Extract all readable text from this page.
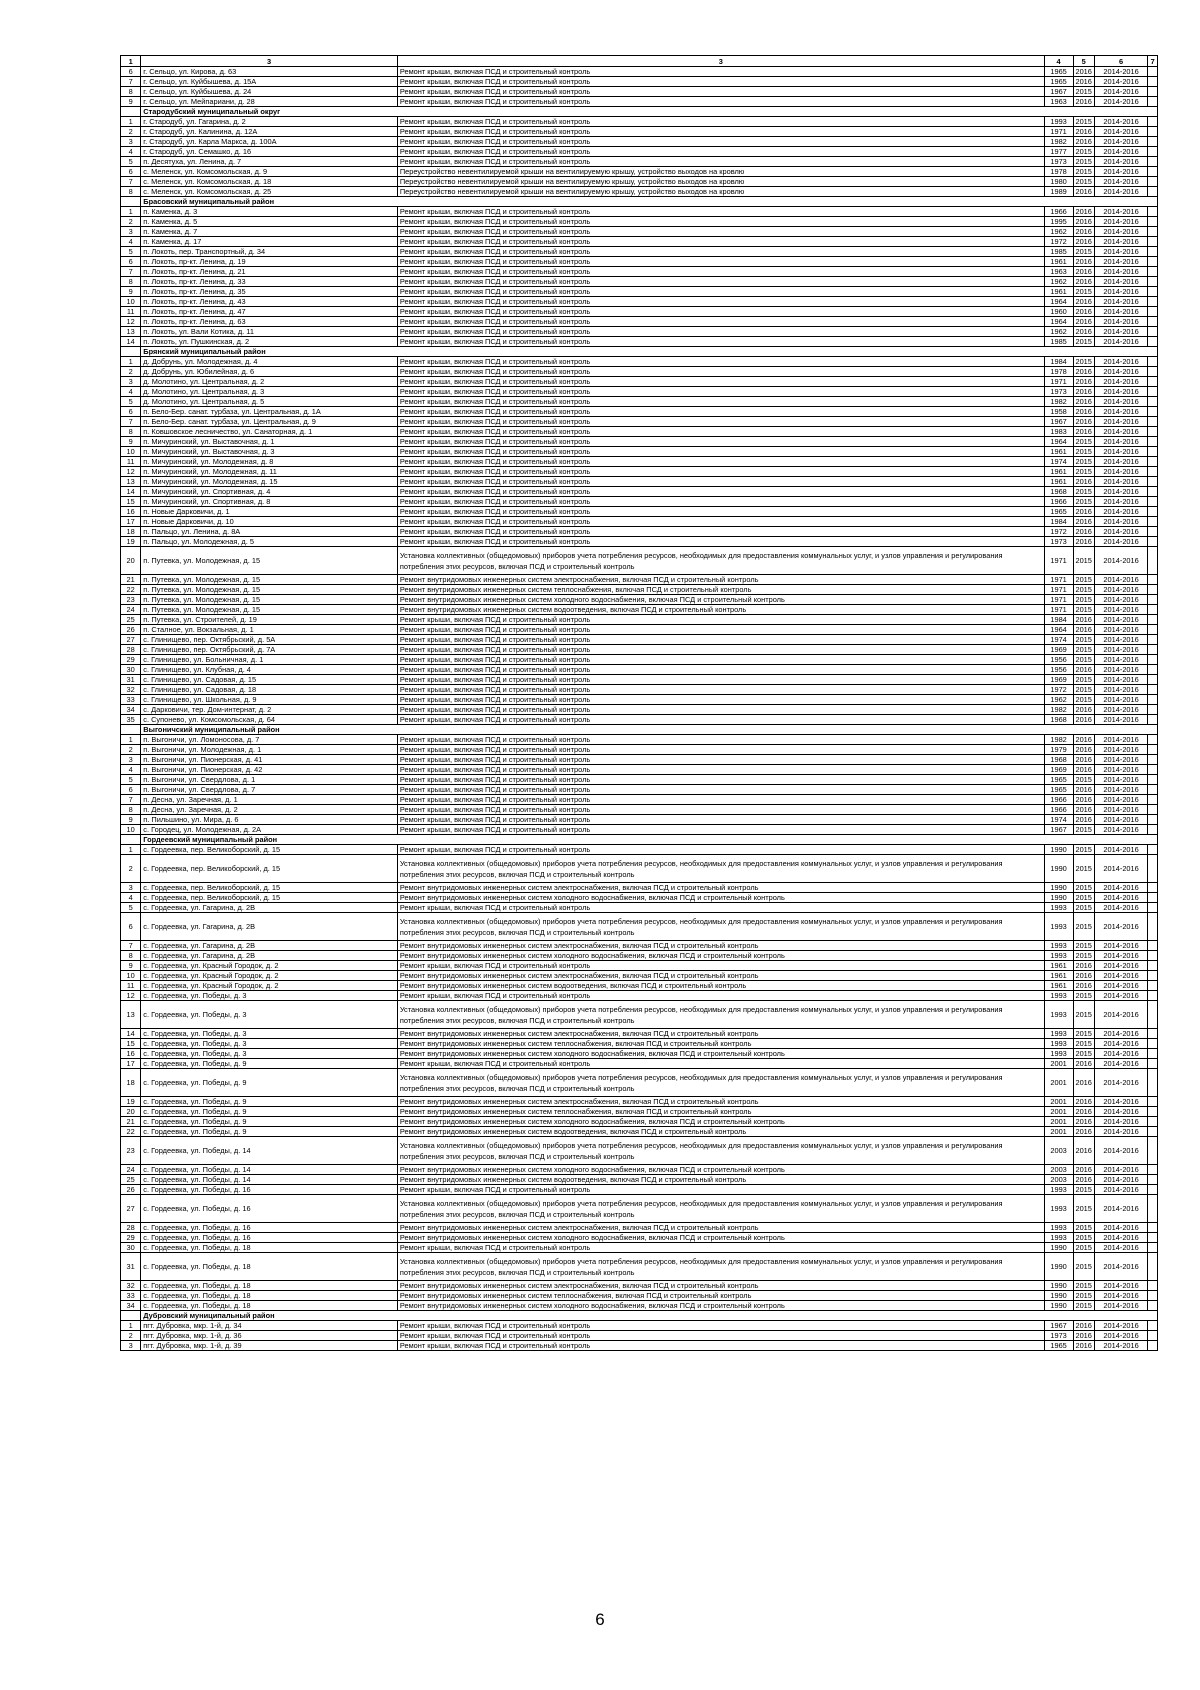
1	3	3	4	5	6	7
6	г. Сельцо, ул. Кирова, д. 63	Ремонт крыши, включая ПСД и строительный контроль	1965	2016	2014-2016	
7	г. Сельцо, ул. Куйбышева, д. 15А	Ремонт крыши, включая ПСД и строительный контроль	1965	2016	2014-2016	
8	г. Сельцо, ул. Куйбышева, д. 24	Ремонт крыши, включая ПСД и строительный контроль	1967	2015	2014-2016	
9	г. Сельцо, ул. Мейпариани, д. 28	Ремонт крыши, включая ПСД и строительный контроль	1963	2016	2014-2016	
	Стародубский муниципальный округ					
1	г. Стародуб, ул. Гагарина, д. 2	Ремонт крыши, включая ПСД и строительный контроль	1993	2015	2014-2016	
2	г. Стародуб, ул. Калинина, д. 12А	Ремонт крыши, включая ПСД и строительный контроль	1971	2016	2014-2016	
3	г. Стародуб, ул. Карла Маркса, д. 100А	Ремонт крыши, включая ПСД и строительный контроль	1982	2016	2014-2016	
4	г. Стародуб, ул. Семашко, д. 16	Ремонт крыши, включая ПСД и строительный контроль	1977	2015	2014-2016	
5	п. Десятуха, ул. Ленина, д. 7	Ремонт крыши, включая ПСД и строительный контроль	1973	2015	2014-2016	
6	с. Меленск, ул. Комсомольская, д. 9	Переустройство невентилируемой крыши на вентилируемую крышу, устройство выходов на кровлю	1978	2015	2014-2016	
7	с. Меленск, ул. Комсомольская, д. 18	Переустройство невентилируемой крыши на вентилируемую крышу, устройство выходов на кровлю	1980	2015	2014-2016	
8	с. Меленск, ул. Комсомольская, д. 25	Переустройство невентилируемой крыши на вентилируемую крышу, устройство выходов на кровлю	1989	2016	2014-2016	
	Брасовский муниципальный район					
1	п. Каменка, д. 3	Ремонт крыши, включая ПСД и строительный контроль	1966	2016	2014-2016	
2	п. Каменка, д. 5	Ремонт крыши, включая ПСД и строительный контроль	1995	2016	2014-2016	
3	п. Каменка, д. 7	Ремонт крыши, включая ПСД и строительный контроль	1962	2016	2014-2016	
4	п. Каменка, д. 17	Ремонт крыши, включая ПСД и строительный контроль	1972	2016	2014-2016	
5	п. Локоть, пер. Транспортный, д. 34	Ремонт крыши, включая ПСД и строительный контроль	1985	2015	2014-2016	
6	п. Локоть, пр-кт. Ленина, д. 19	Ремонт крыши, включая ПСД и строительный контроль	1961	2016	2014-2016	
7	п. Локоть, пр-кт. Ленина, д. 21	Ремонт крыши, включая ПСД и строительный контроль	1963	2016	2014-2016	
8	п. Локоть, пр-кт. Ленина, д. 33	Ремонт крыши, включая ПСД и строительный контроль	1962	2016	2014-2016	
9	п. Локоть, пр-кт. Ленина, д. 35	Ремонт крыши, включая ПСД и строительный контроль	1961	2015	2014-2016	
10	п. Локоть, пр-кт. Ленина, д. 43	Ремонт крыши, включая ПСД и строительный контроль	1964	2016	2014-2016	
11	п. Локоть, пр-кт. Ленина, д. 47	Ремонт крыши, включая ПСД и строительный контроль	1960	2016	2014-2016	
12	п. Локоть, пр-кт. Ленина, д. 63	Ремонт крыши, включая ПСД и строительный контроль	1964	2016	2014-2016	
13	п. Локоть, ул. Вали Котика, д. 11	Ремонт крыши, включая ПСД и строительный контроль	1962	2016	2014-2016	
14	п. Локоть, ул. Пушкинская, д. 2	Ремонт крыши, включая ПСД и строительный контроль	1985	2015	2014-2016	
	Брянский муниципальный район					
1	д. Добрунь, ул. Молодежная, д. 4	Ремонт крыши, включая ПСД и строительный контроль	1984	2015	2014-2016	
2	д. Добрунь, ул. Юбилейная, д. 6	Ремонт крыши, включая ПСД и строительный контроль	1978	2016	2014-2016	
3	д. Молотино, ул. Центральная, д. 2	Ремонт крыши, включая ПСД и строительный контроль	1971	2016	2014-2016	
4	д. Молотино, ул. Центральная, д. 3	Ремонт крыши, включая ПСД и строительный контроль	1973	2016	2014-2016	
5	д. Молотино, ул. Центральная, д. 5	Ремонт крыши, включая ПСД и строительный контроль	1982	2016	2014-2016	
6	п. Бело-Бер. санат. турбаза, ул. Центральная, д. 1А	Ремонт крыши, включая ПСД и строительный контроль	1958	2016	2014-2016	
7	п. Бело-Бер. санат. турбаза, ул. Центральная, д. 9	Ремонт крыши, включая ПСД и строительный контроль	1967	2016	2014-2016	
8	п. Ковшовское лесничество, ул. Санаторная, д. 1	Ремонт крыши, включая ПСД и строительный контроль	1983	2016	2014-2016	
9	п. Мичуринский, ул. Выставочная, д. 1	Ремонт крыши, включая ПСД и строительный контроль	1964	2015	2014-2016	
10	п. Мичуринский, ул. Выставочная, д. 3	Ремонт крыши, включая ПСД и строительный контроль	1961	2015	2014-2016	
11	п. Мичуринский, ул. Молодежная, д. 8	Ремонт крыши, включая ПСД и строительный контроль	1974	2015	2014-2016	
12	п. Мичуринский, ул. Молодежная, д. 11	Ремонт крыши, включая ПСД и строительный контроль	1961	2015	2014-2016	
13	п. Мичуринский, ул. Молодежная, д. 15	Ремонт крыши, включая ПСД и строительный контроль	1961	2016	2014-2016	
14	п. Мичуринский, ул. Спортивная, д. 4	Ремонт крыши, включая ПСД и строительный контроль	1968	2015	2014-2016	
15	п. Мичуринский, ул. Спортивная, д. 8	Ремонт крыши, включая ПСД и строительный контроль	1966	2015	2014-2016	
16	п. Новые Дарковичи, д. 1	Ремонт крыши, включая ПСД и строительный контроль	1965	2016	2014-2016	
17	п. Новые Дарковичи, д. 10	Ремонт крыши, включая ПСД и строительный контроль	1984	2016	2014-2016	
18	п. Пальцо, ул. Ленина, д. 8А	Ремонт крыши, включая ПСД и строительный контроль	1972	2016	2014-2016	
19	п. Пальцо, ул. Молодежная, д. 5	Ремонт крыши, включая ПСД и строительный контроль	1973	2016	2014-2016	
20	п. Путевка, ул. Молодежная, д. 15	Установка коллективных (общедомовых) приборов учета потребления ресурсов, необходимых для предоставления коммунальных услуг, и узлов управления и регулирования потребления этих ресурсов, включая ПСД и строительный контроль	1971	2015	2014-2016	
21	п. Путевка, ул. Молодежная, д. 15	Ремонт внутридомовых инженерных систем электроснабжения, включая ПСД и строительный контроль	1971	2015	2014-2016	
22	п. Путевка, ул. Молодежная, д. 15	Ремонт внутридомовых инженерных систем теплоснабжения, включая ПСД и строительный контроль	1971	2015	2014-2016	
23	п. Путевка, ул. Молодежная, д. 15	Ремонт внутридомовых инженерных систем холодного водоснабжения, включая ПСД и строительный контроль	1971	2015	2014-2016	
24	п. Путевка, ул. Молодежная, д. 15	Ремонт внутридомовых инженерных систем водоотведения, включая ПСД и строительный контроль	1971	2015	2014-2016	
25	п. Путевка, ул. Строителей, д. 19	Ремонт крыши, включая ПСД и строительный контроль	1984	2016	2014-2016	
26	п. Сталное, ул. Вокзальная, д. 1	Ремонт крыши, включая ПСД и строительный контроль	1964	2016	2014-2016	
27	с. Глинищево, пер. Октябрьский, д. 5А	Ремонт крыши, включая ПСД и строительный контроль	1974	2015	2014-2016	
28	с. Глинищево, пер. Октябрьский, д. 7А	Ремонт крыши, включая ПСД и строительный контроль	1969	2015	2014-2016	
29	с. Глинищево, ул. Больничная, д. 1	Ремонт крыши, включая ПСД и строительный контроль	1956	2015	2014-2016	
30	с. Глинищево, ул. Клубная, д. 4	Ремонт крыши, включая ПСД и строительный контроль	1956	2016	2014-2016	
31	с. Глинищево, ул. Садовая, д. 15	Ремонт крыши, включая ПСД и строительный контроль	1969	2015	2014-2016	
32	с. Глинищево, ул. Садовая, д. 18	Ремонт крыши, включая ПСД и строительный контроль	1972	2015	2014-2016	
33	с. Глинищево, ул. Школьная, д. 9	Ремонт крыши, включая ПСД и строительный контроль	1962	2015	2014-2016	
34	с. Дарковичи, тер. Дом-интернат, д. 2	Ремонт крыши, включая ПСД и строительный контроль	1982	2016	2014-2016	
35	с. Супонево, ул. Комсомольская, д. 64	Ремонт крыши, включая ПСД и строительный контроль	1968	2016	2014-2016	
	Выгоничский муниципальный район					
1	п. Выгоничи, ул. Ломоносова, д. 7	Ремонт крыши, включая ПСД и строительный контроль	1982	2016	2014-2016	
2	п. Выгоничи, ул. Молодежная, д. 1	Ремонт крыши, включая ПСД и строительный контроль	1979	2016	2014-2016	
3	п. Выгоничи, ул. Пионерская, д. 41	Ремонт крыши, включая ПСД и строительный контроль	1968	2016	2014-2016	
4	п. Выгоничи, ул. Пионерская, д. 42	Ремонт крыши, включая ПСД и строительный контроль	1969	2016	2014-2016	
5	п. Выгоничи, ул. Свердлова, д. 1	Ремонт крыши, включая ПСД и строительный контроль	1965	2015	2014-2016	
6	п. Выгоничи, ул. Свердлова, д. 7	Ремонт крыши, включая ПСД и строительный контроль	1965	2016	2014-2016	
7	п. Десна, ул. Заречная, д. 1	Ремонт крыши, включая ПСД и строительный контроль	1966	2016	2014-2016	
8	п. Десна, ул. Заречная, д. 2	Ремонт крыши, включая ПСД и строительный контроль	1966	2016	2014-2016	
9	п. Пильшино, ул. Мира, д. 6	Ремонт крыши, включая ПСД и строительный контроль	1974	2016	2014-2016	
10	с. Городец, ул. Молодежная, д. 2А	Ремонт крыши, включая ПСД и строительный контроль	1967	2015	2014-2016	
	Гордеевский муниципальный район					
1	с. Гордеевка, пер. Великоборский, д. 15	Ремонт крыши, включая ПСД и строительный контроль	1990	2015	2014-2016	
2	с. Гордеевка, пер. Великоборский, д. 15	Установка коллективных (общедомовых) приборов учета потребления ресурсов, необходимых для предоставления коммунальных услуг, и узлов управления и регулирования потребления этих ресурсов, включая ПСД и строительный контроль	1990	2015	2014-2016	
3	с. Гордеевка, пер. Великоборский, д. 15	Ремонт внутридомовых инженерных систем электроснабжения, включая ПСД и строительный контроль	1990	2015	2014-2016	
4	с. Гордеевка, пер. Великоборский, д. 15	Ремонт внутридомовых инженерных систем холодного водоснабжения, включая ПСД и строительный контроль	1990	2015	2014-2016	
5	с. Гордеевка, ул. Гагарина, д. 2В	Ремонт крыши, включая ПСД и строительный контроль	1993	2015	2014-2016	
6	с. Гордеевка, ул. Гагарина, д. 2В	Установка коллективных (общедомовых) приборов учета потребления ресурсов, необходимых для предоставления коммунальных услуг, и узлов управления и регулирования потребления этих ресурсов, включая ПСД и строительный контроль	1993	2015	2014-2016	
7	с. Гордеевка, ул. Гагарина, д. 2В	Ремонт внутридомовых инженерных систем электроснабжения, включая ПСД и строительный контроль	1993	2015	2014-2016	
8	с. Гордеевка, ул. Гагарина, д. 2В	Ремонт внутридомовых инженерных систем холодного водоснабжения, включая ПСД и строительный контроль	1993	2015	2014-2016	
9	с. Гордеевка, ул. Красный Городок, д. 2	Ремонт крыши, включая ПСД и строительный контроль	1961	2016	2014-2016	
10	с. Гордеевка, ул. Красный Городок, д. 2	Ремонт внутридомовых инженерных систем электроснабжения, включая ПСД и строительный контроль	1961	2016	2014-2016	
11	с. Гордеевка, ул. Красный Городок, д. 2	Ремонт внутридомовых инженерных систем водоотведения, включая ПСД и строительный контроль	1961	2016	2014-2016	
12	с. Гордеевка, ул. Победы, д. 3	Ремонт крыши, включая ПСД и строительный контроль	1993	2015	2014-2016	
13	с. Гордеевка, ул. Победы, д. 3	Установка коллективных (общедомовых) приборов учета потребления ресурсов, необходимых для предоставления коммунальных услуг, и узлов управления и регулирования потребления этих ресурсов, включая ПСД и строительный контроль	1993	2015	2014-2016	
14	с. Гордеевка, ул. Победы, д. 3	Ремонт внутридомовых инженерных систем электроснабжения, включая ПСД и строительный контроль	1993	2015	2014-2016	
15	с. Гордеевка, ул. Победы, д. 3	Ремонт внутридомовых инженерных систем теплоснабжения, включая ПСД и строительный контроль	1993	2015	2014-2016	
16	с. Гордеевка, ул. Победы, д. 3	Ремонт внутридомовых инженерных систем холодного водоснабжения, включая ПСД и строительный контроль	1993	2015	2014-2016	
17	с. Гордеевка, ул. Победы, д. 9	Ремонт крыши, включая ПСД и строительный контроль	2001	2016	2014-2016	
18	с. Гордеевка, ул. Победы, д. 9	Установка коллективных (общедомовых) приборов учета потребления ресурсов, необходимых для предоставления коммунальных услуг, и узлов управления и регулирования потребления этих ресурсов, включая ПСД и строительный контроль	2001	2016	2014-2016	
19	с. Гордеевка, ул. Победы, д. 9	Ремонт внутридомовых инженерных систем электроснабжения, включая ПСД и строительный контроль	2001	2016	2014-2016	
20	с. Гордеевка, ул. Победы, д. 9	Ремонт внутридомовых инженерных систем теплоснабжения, включая ПСД и строительный контроль	2001	2016	2014-2016	
21	с. Гордеевка, ул. Победы, д. 9	Ремонт внутридомовых инженерных систем холодного водоснабжения, включая ПСД и строительный контроль	2001	2016	2014-2016	
22	с. Гордеевка, ул. Победы, д. 9	Ремонт внутридомовых инженерных систем водоотведения, включая ПСД и строительный контроль	2001	2016	2014-2016	
23	с. Гордеевка, ул. Победы, д. 14	Установка коллективных (общедомовых) приборов учета потребления ресурсов, необходимых для предоставления коммунальных услуг, и узлов управления и регулирования потребления этих ресурсов, включая ПСД и строительный контроль	2003	2016	2014-2016	
24	с. Гордеевка, ул. Победы, д. 14	Ремонт внутридомовых инженерных систем холодного водоснабжения, включая ПСД и строительный контроль	2003	2016	2014-2016	
25	с. Гордеевка, ул. Победы, д. 14	Ремонт внутридомовых инженерных систем водоотведения, включая ПСД и строительный контроль	2003	2016	2014-2016	
26	с. Гордеевка, ул. Победы, д. 16	Ремонт крыши, включая ПСД и строительный контроль	1993	2015	2014-2016	
27	с. Гордеевка, ул. Победы, д. 16	Установка коллективных (общедомовых) приборов учета потребления ресурсов, необходимых для предоставления коммунальных услуг, и узлов управления и регулирования потребления этих ресурсов, включая ПСД и строительный контроль	1993	2015	2014-2016	
28	с. Гордеевка, ул. Победы, д. 16	Ремонт внутридомовых инженерных систем электроснабжения, включая ПСД и строительный контроль	1993	2015	2014-2016	
29	с. Гордеевка, ул. Победы, д. 16	Ремонт внутридомовых инженерных систем холодного водоснабжения, включая ПСД и строительный контроль	1993	2015	2014-2016	
30	с. Гордеевка, ул. Победы, д. 18	Ремонт крыши, включая ПСД и строительный контроль	1990	2015	2014-2016	
31	с. Гордеевка, ул. Победы, д. 18	Установка коллективных (общедомовых) приборов учета потребления ресурсов, необходимых для предоставления коммунальных услуг, и узлов управления и регулирования потребления этих ресурсов, включая ПСД и строительный контроль	1990	2015	2014-2016	
32	с. Гордеевка, ул. Победы, д. 18	Ремонт внутридомовых инженерных систем электроснабжения, включая ПСД и строительный контроль	1990	2015	2014-2016	
33	с. Гордеевка, ул. Победы, д. 18	Ремонт внутридомовых инженерных систем теплоснабжения, включая ПСД и строительный контроль	1990	2015	2014-2016	
34	с. Гордеевка, ул. Победы, д. 18	Ремонт внутридомовых инженерных систем холодного водоснабжения, включая ПСД и строительный контроль	1990	2015	2014-2016	
	Дубровский муниципальный район					
1	пгт. Дубровка, мкр. 1-й, д. 34	Ремонт крыши, включая ПСД и строительный контроль	1967	2016	2014-2016	
2	пгт. Дубровка, мкр. 1-й, д. 36	Ремонт крыши, включая ПСД и строительный контроль	1973	2016	2014-2016	
3	пгт. Дубровка, мкр. 1-й, д. 39	Ремонт крыши, включая ПСД и строительный контроль	1965	2016	2014-2016	
6
